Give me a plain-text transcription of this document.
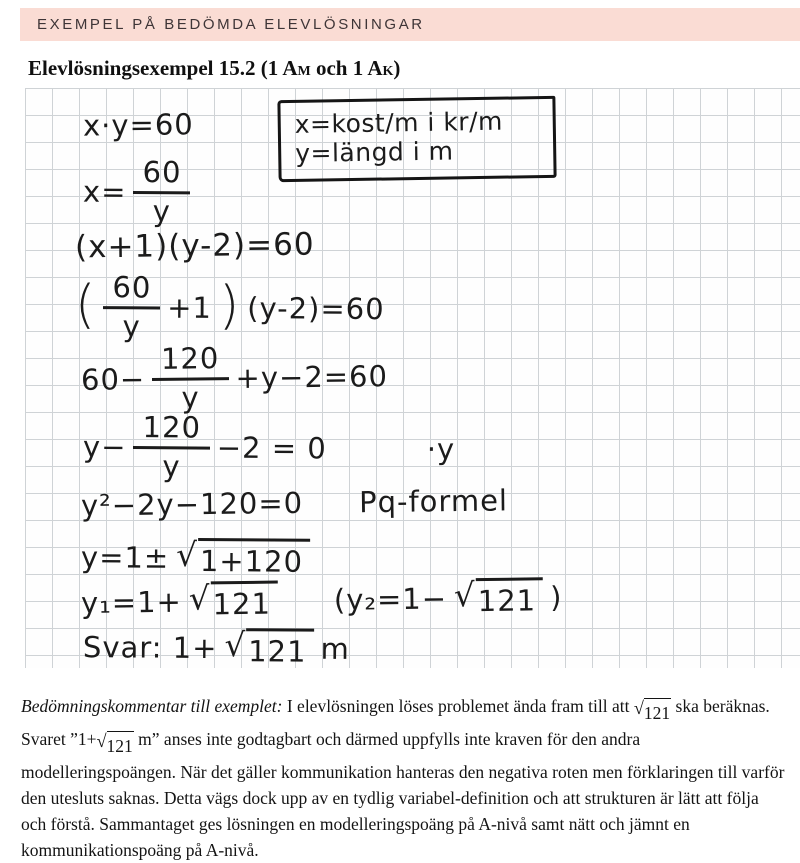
EXEMPEL PÅ BEDÖMDA ELEVLÖSNINGAR
Elevlösningsexempel 15.2 (1 AM och 1 AK)
x=kost/m i kr/m
y=längd i m
x·y=60
$x= \frac{60}{y}$
(x+1)(y-2)=60
( $\frac{60}{y} +1$ ) (y-2)=60
$60- \frac{120}{y} +y-2=60$
$y- \frac{120}{y} -2 = 0$	·y
y²−2y−120=0 Pq-formel
y=1± √ 1+120
y₁=1+ √ 121 (y₂=1− √ 121 )
Svar: 1+ √ 121 m

Bedömningskommentar till exemplet: I elevlösningen löses problemet ända fram till att √ 121 ska beräknas. Svaret ”1+ √ 121 m” anses inte godtagbart och därmed uppfylls inte kraven för den andra modelleringspoängen. När det gäller kommunikation hanteras den negativa roten men förklaringen till varför den utesluts saknas. Detta vägs dock upp av en tydlig variabel-definition och att strukturen är lätt att följa och förstå. Sammantaget ges lösningen en modelleringspoäng på A-nivå samt nätt och jämnt en kommunikationspoäng på A-nivå.
